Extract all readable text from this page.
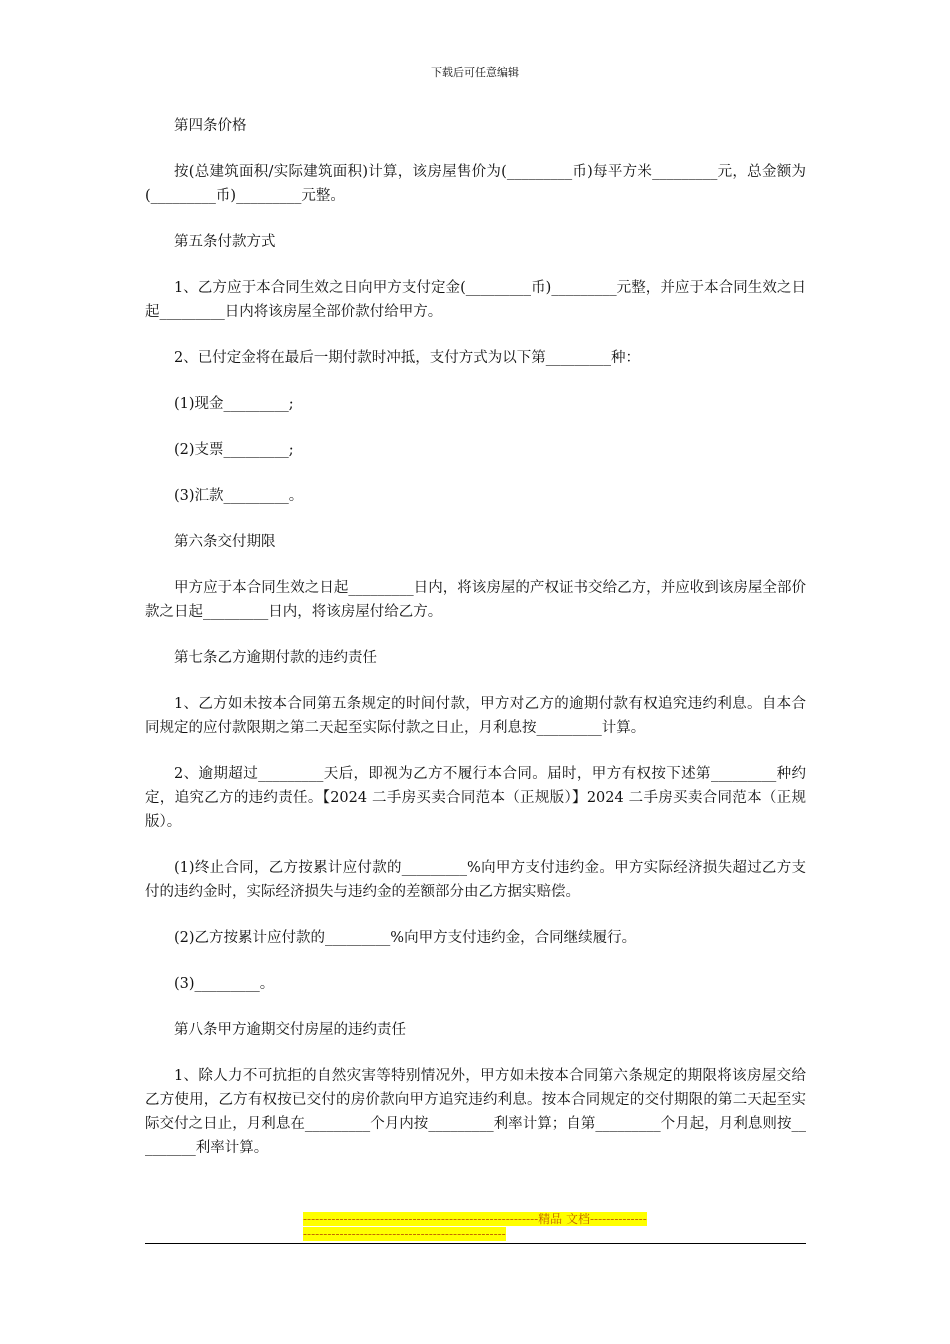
下载后可任意编辑

第四条价格

按(总建筑面积/实际建筑面积)计算，该房屋售价为(_________币)每平方米_________元，总金额为(_________币)_________元整。

第五条付款方式

1、乙方应于本合同生效之日向甲方支付定金(_________币)_________元整，并应于本合同生效之日起_________日内将该房屋全部价款付给甲方。

2、已付定金将在最后一期付款时冲抵，支付方式为以下第_________种：

(1)现金_________;

(2)支票_________;

(3)汇款_________。

第六条交付期限

甲方应于本合同生效之日起_________日内，将该房屋的产权证书交给乙方，并应收到该房屋全部价款之日起_________日内，将该房屋付给乙方。

第七条乙方逾期付款的违约责任

1、乙方如未按本合同第五条规定的时间付款，甲方对乙方的逾期付款有权追究违约利息。自本合同规定的应付款限期之第二天起至实际付款之日止，月利息按_________计算。

2、逾期超过_________天后，即视为乙方不履行本合同。届时，甲方有权按下述第_________种约定，追究乙方的违约责任。【2024 二手房买卖合同范本（正规版）】2024 二手房买卖合同范本（正规版）。

(1)终止合同，乙方按累计应付款的_________%向甲方支付违约金。甲方实际经济损失超过乙方支付的违约金时，实际经济损失与违约金的差额部分由乙方据实赔偿。

(2)乙方按累计应付款的_________%向甲方支付违约金，合同继续履行。

(3)_________。

第八条甲方逾期交付房屋的违约责任

1、除人力不可抗拒的自然灾害等特别情况外，甲方如未按本合同第六条规定的期限将该房屋交给乙方使用，乙方有权按已交付的房价款向甲方追究违约利息。按本合同规定的交付期限的第二天起至实际交付之日止，月利息在_________个月内按_________利率计算；自第_________个月起，月利息则按_________利率计算。

----------------------------------------------------------精品 文档----------------------------------------------------------------
